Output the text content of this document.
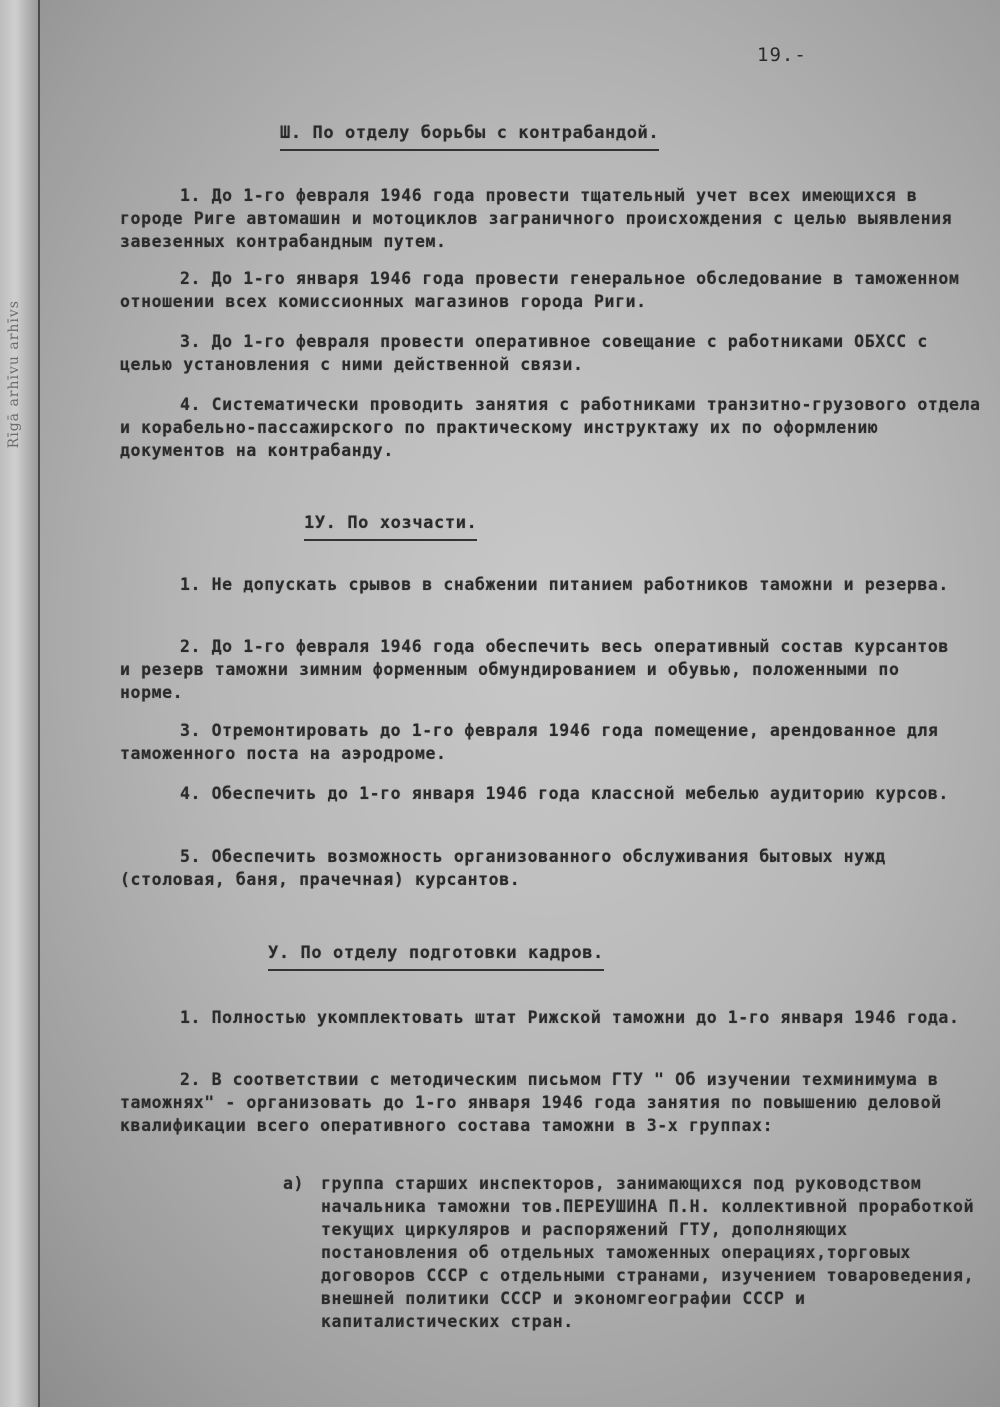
Rīgā arhīvu arhīvs
19.-
Ш. По отделу борьбы с контрабандой.

1. До 1-го февраля 1946 года провести тщательный учет всех имеющихся в городе Риге автомашин и мотоциклов заграничного происхождения с целью выявления завезенных контрабандным путем.

2. До 1-го января 1946 года провести генеральное обследование в таможенном отношении всех комиссионных магазинов города Риги.

3. До 1-го февраля провести оперативное совещание с работниками ОБХСС с целью установления с ними действенной связи.

4. Систематически проводить занятия с работниками транзитно-грузового отдела и корабельно-пассажирского по практическому инструктажу их по оформлению документов на контрабанду.

1У. По хозчасти.

1. Не допускать срывов в снабжении питанием работников таможни и резерва.

2. До 1-го февраля 1946 года обеспечить весь оперативный состав курсантов и резерв таможни зимним форменным обмундированием и обувью, положенными по норме.

3. Отремонтировать до 1-го февраля 1946 года помещение, арендованное для таможенного поста на аэродроме.

4. Обеспечить до 1-го января 1946 года классной мебелью аудиторию курсов.

5. Обеспечить возможность организованного обслуживания бытовых нужд (столовая, баня, прачечная) курсантов.

У. По отделу подготовки кадров.

1. Полностью укомплектовать штат Рижской таможни до 1-го января 1946 года.

2. В соответствии с методическим письмом ГТУ " Об изучении техминимума в таможнях" - организовать до 1-го января 1946 года занятия по повышению деловой квалификации всего оперативного состава таможни в 3-х группах:

а) группа старших инспекторов, занимающихся под руководством начальника таможни тов.ПЕРЕУШИНА П.Н. коллективной проработкой текущих циркуляров и распоряжений ГТУ, дополняющих постановления об отдельных таможенных операциях,торговых договоров СССР с отдельными странами, изучением товароведения, внешней политики СССР и экономгеографии СССР и капиталистических стран.
